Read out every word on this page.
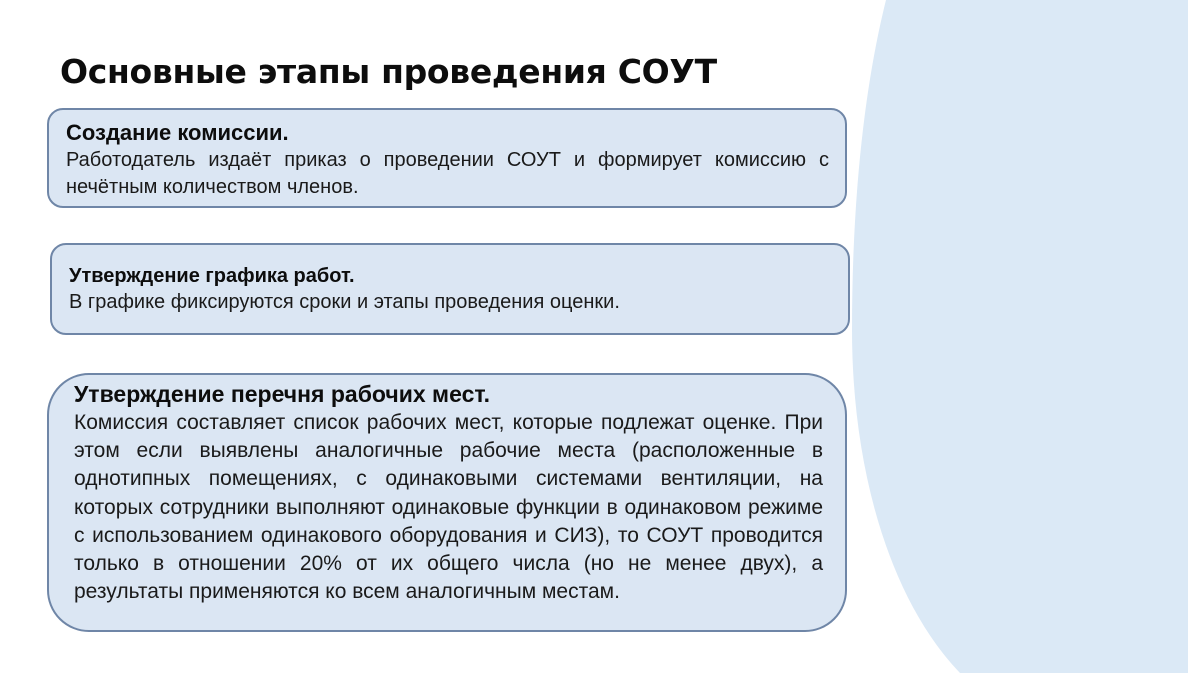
Основные этапы проведения СОУТ
Создание комиссии.
Работодатель издаёт приказ о проведении СОУТ и формирует комиссию с нечётным количеством членов.
Утверждение графика работ.
В графике фиксируются сроки и этапы проведения оценки.
Утверждение перечня рабочих мест.
Комиссия составляет список рабочих мест, которые подлежат оценке. При этом если выявлены аналогичные рабочие места (расположенные в однотипных помещениях, с одинаковыми системами вентиляции, на которых сотрудники выполняют одинаковые функции в одинаковом режиме с использованием одинакового оборудования и СИЗ), то СОУТ проводится только в отношении 20% от их общего числа (но не менее двух), а результаты применяются ко всем аналогичным местам.
